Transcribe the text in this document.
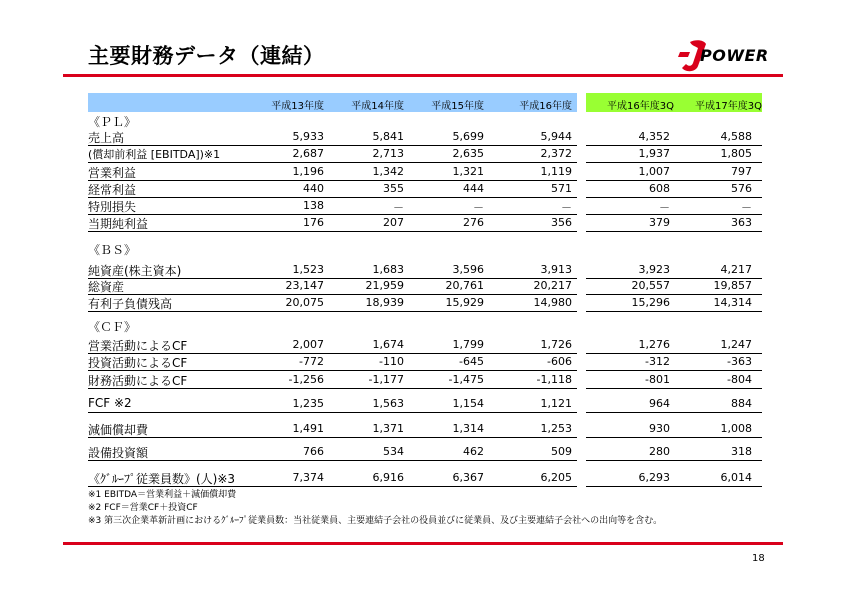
主要財務データ（連結）	POWER
平成13年度	平成14年度	平成15年度	平成16年度	平成16年度3Q	平成17年度3Q
《ＰＬ》
《ＢＳ》
《ＣＦ》
売上高	5,933	5,841	5,699	5,944	4,352	4,588
(償却前利益 [EBITDA])※1	2,687	2,713	2,635	2,372	1,937	1,805
営業利益	1,196	1,342	1,321	1,119	1,007	797
経常利益	440	355	444	571	608	576
特別損失	138	－	－	－	－	－
当期純利益	176	207	276	356	379	363
純資産(株主資本)	1,523	1,683	3,596	3,913	3,923	4,217
総資産	23,147	21,959	20,761	20,217	20,557	19,857
有利子負債残高	20,075	18,939	15,929	14,980	15,296	14,314
営業活動によるCF	2,007	1,674	1,799	1,726	1,276	1,247
投資活動によるCF	-772	-110	-645	-606	-312	-363
財務活動によるCF	-1,256	-1,177	-1,475	-1,118	-801	-804
FCF ※2	1,235	1,563	1,154	1,121	964	884
減価償却費	1,491	1,371	1,314	1,253	930	1,008
設備投資額	766	534	462	509	280	318
《ｸﾞﾙｰﾌﾟ従業員数》(人)※3	7,374	6,916	6,367	6,205	6,293	6,014
※1 EBITDA＝営業利益＋減価償却費
※2 FCF＝営業CF＋投資CF
※3 第三次企業革新計画におけるｸﾞﾙｰﾌﾟ従業員数：当社従業員、主要連結子会社の役員並びに従業員、及び主要連結子会社への出向等を含む。
18
